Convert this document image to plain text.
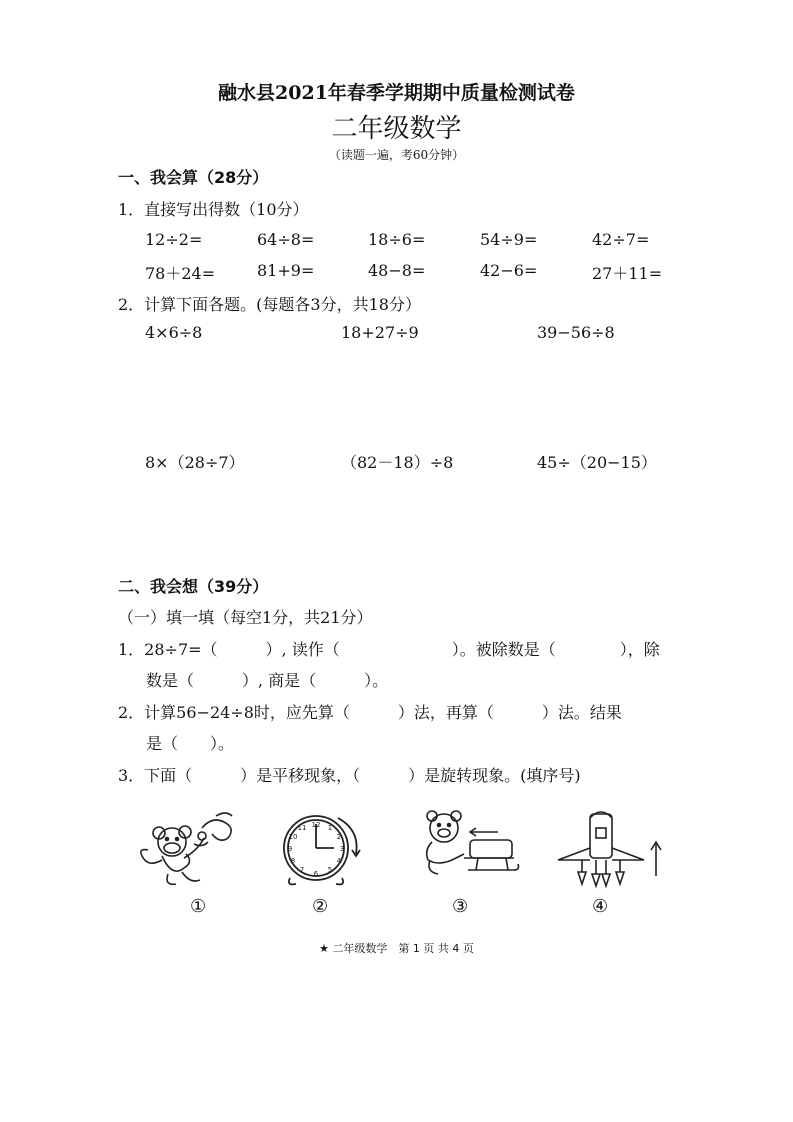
融水县2021年春季学期期中质量检测试卷
二年级数学
（读题一遍，考60分钟）
一、我会算（28分）
1．直接写出得数（10分）
12÷2=	64÷8=	18÷6=	54÷9=	42÷7=
78＋24=	81+9=	48−8=	42−6=	27＋11=
2．计算下面各题。(每题各3分，共18分）
4×6÷8	18+27÷9	39−56÷8
8×（28÷7）	（82－18）÷8	45÷（20−15）
二、我会想（39分）
（一）填一填（每空1分，共21分）
1．28÷7=（　　　）, 读作（　　　　　　　）。被除数是（　　　　），除
数是（　　　）, 商是（　　　）。
2．计算56−24÷8时，应先算（　　　）法，再算（　　　）法。结果
是（　　）。
3．下面（　　　）是平移现象，（　　　）是旋转现象。(填序号)
①
12 1
2
3
4
5
6
7
8
9
10
11
②	③	④
★ 二年级数学　第 1 页 共 4 页
